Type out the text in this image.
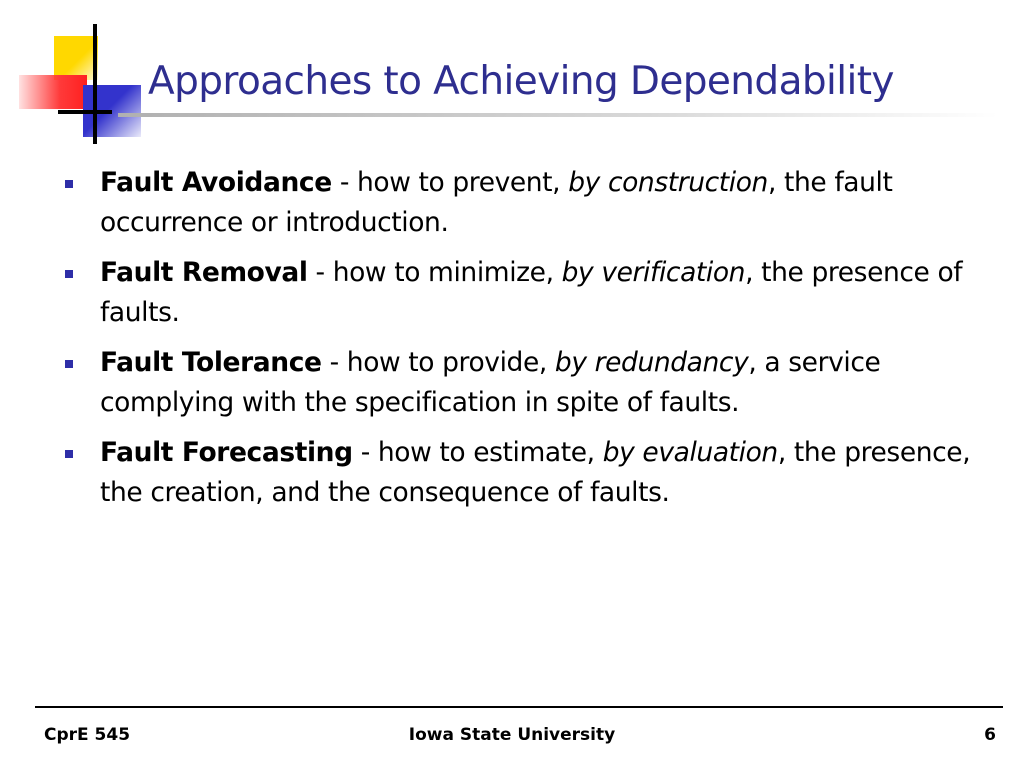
Approaches to Achieving Dependability
Fault Avoidance - how to prevent, by construction, the fault occurrence or introduction.
Fault Removal - how to minimize, by verification, the presence of faults.
Fault Tolerance - how to provide, by redundancy, a service complying with the specification in spite of faults.
Fault Forecasting - how to estimate, by evaluation, the presence, the creation, and the consequence of faults.
CprE 545	Iowa State University	6
